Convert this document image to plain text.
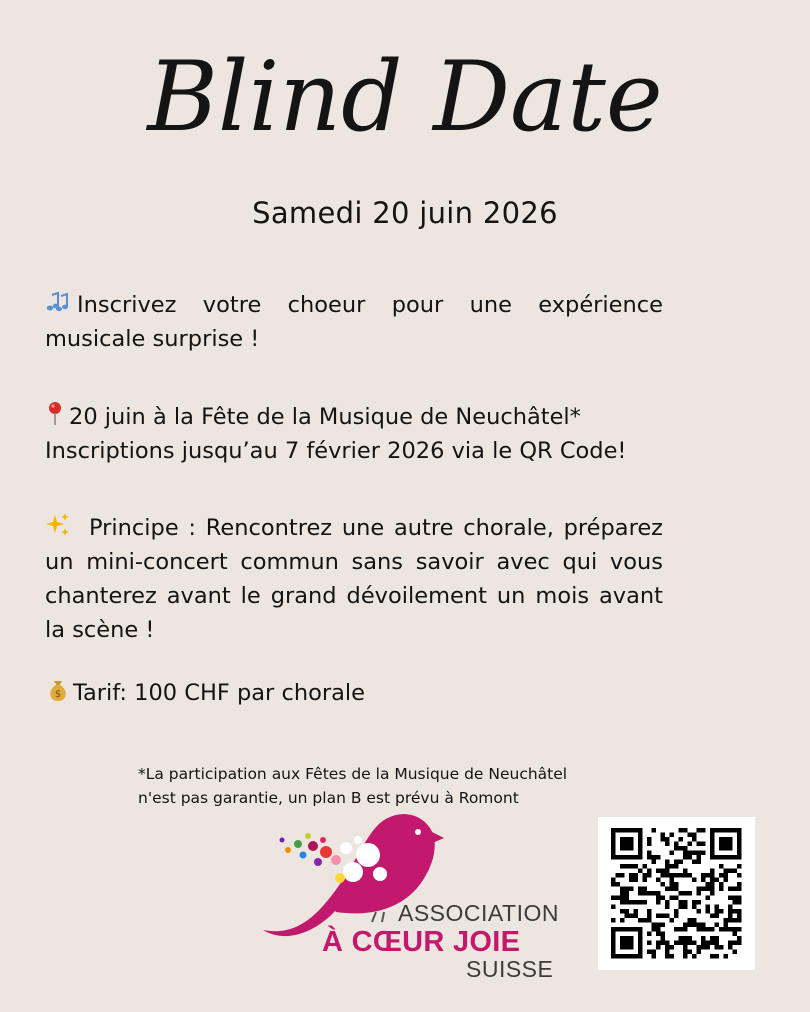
Blind Date
Samedi 20 juin 2026
Inscrivez votre choeur pour une expérience musicale surprise !
20 juin à la Fête de la Musique de Neuchâtel*
Inscriptions jusqu’au 7 février 2026 via le QR Code!
Principe : Rencontrez une autre chorale, préparez un mini-concert commun sans savoir avec qui vous chanterez avant le grand dévoilement un mois avant la scène !
$ Tarif: 100 CHF par chorale
*La participation aux Fêtes de la Musique de Neuchâtel
n'est pas garantie, un plan B est prévu à Romont
ASSOCIATION
À CŒUR JOIE
SUISSE
